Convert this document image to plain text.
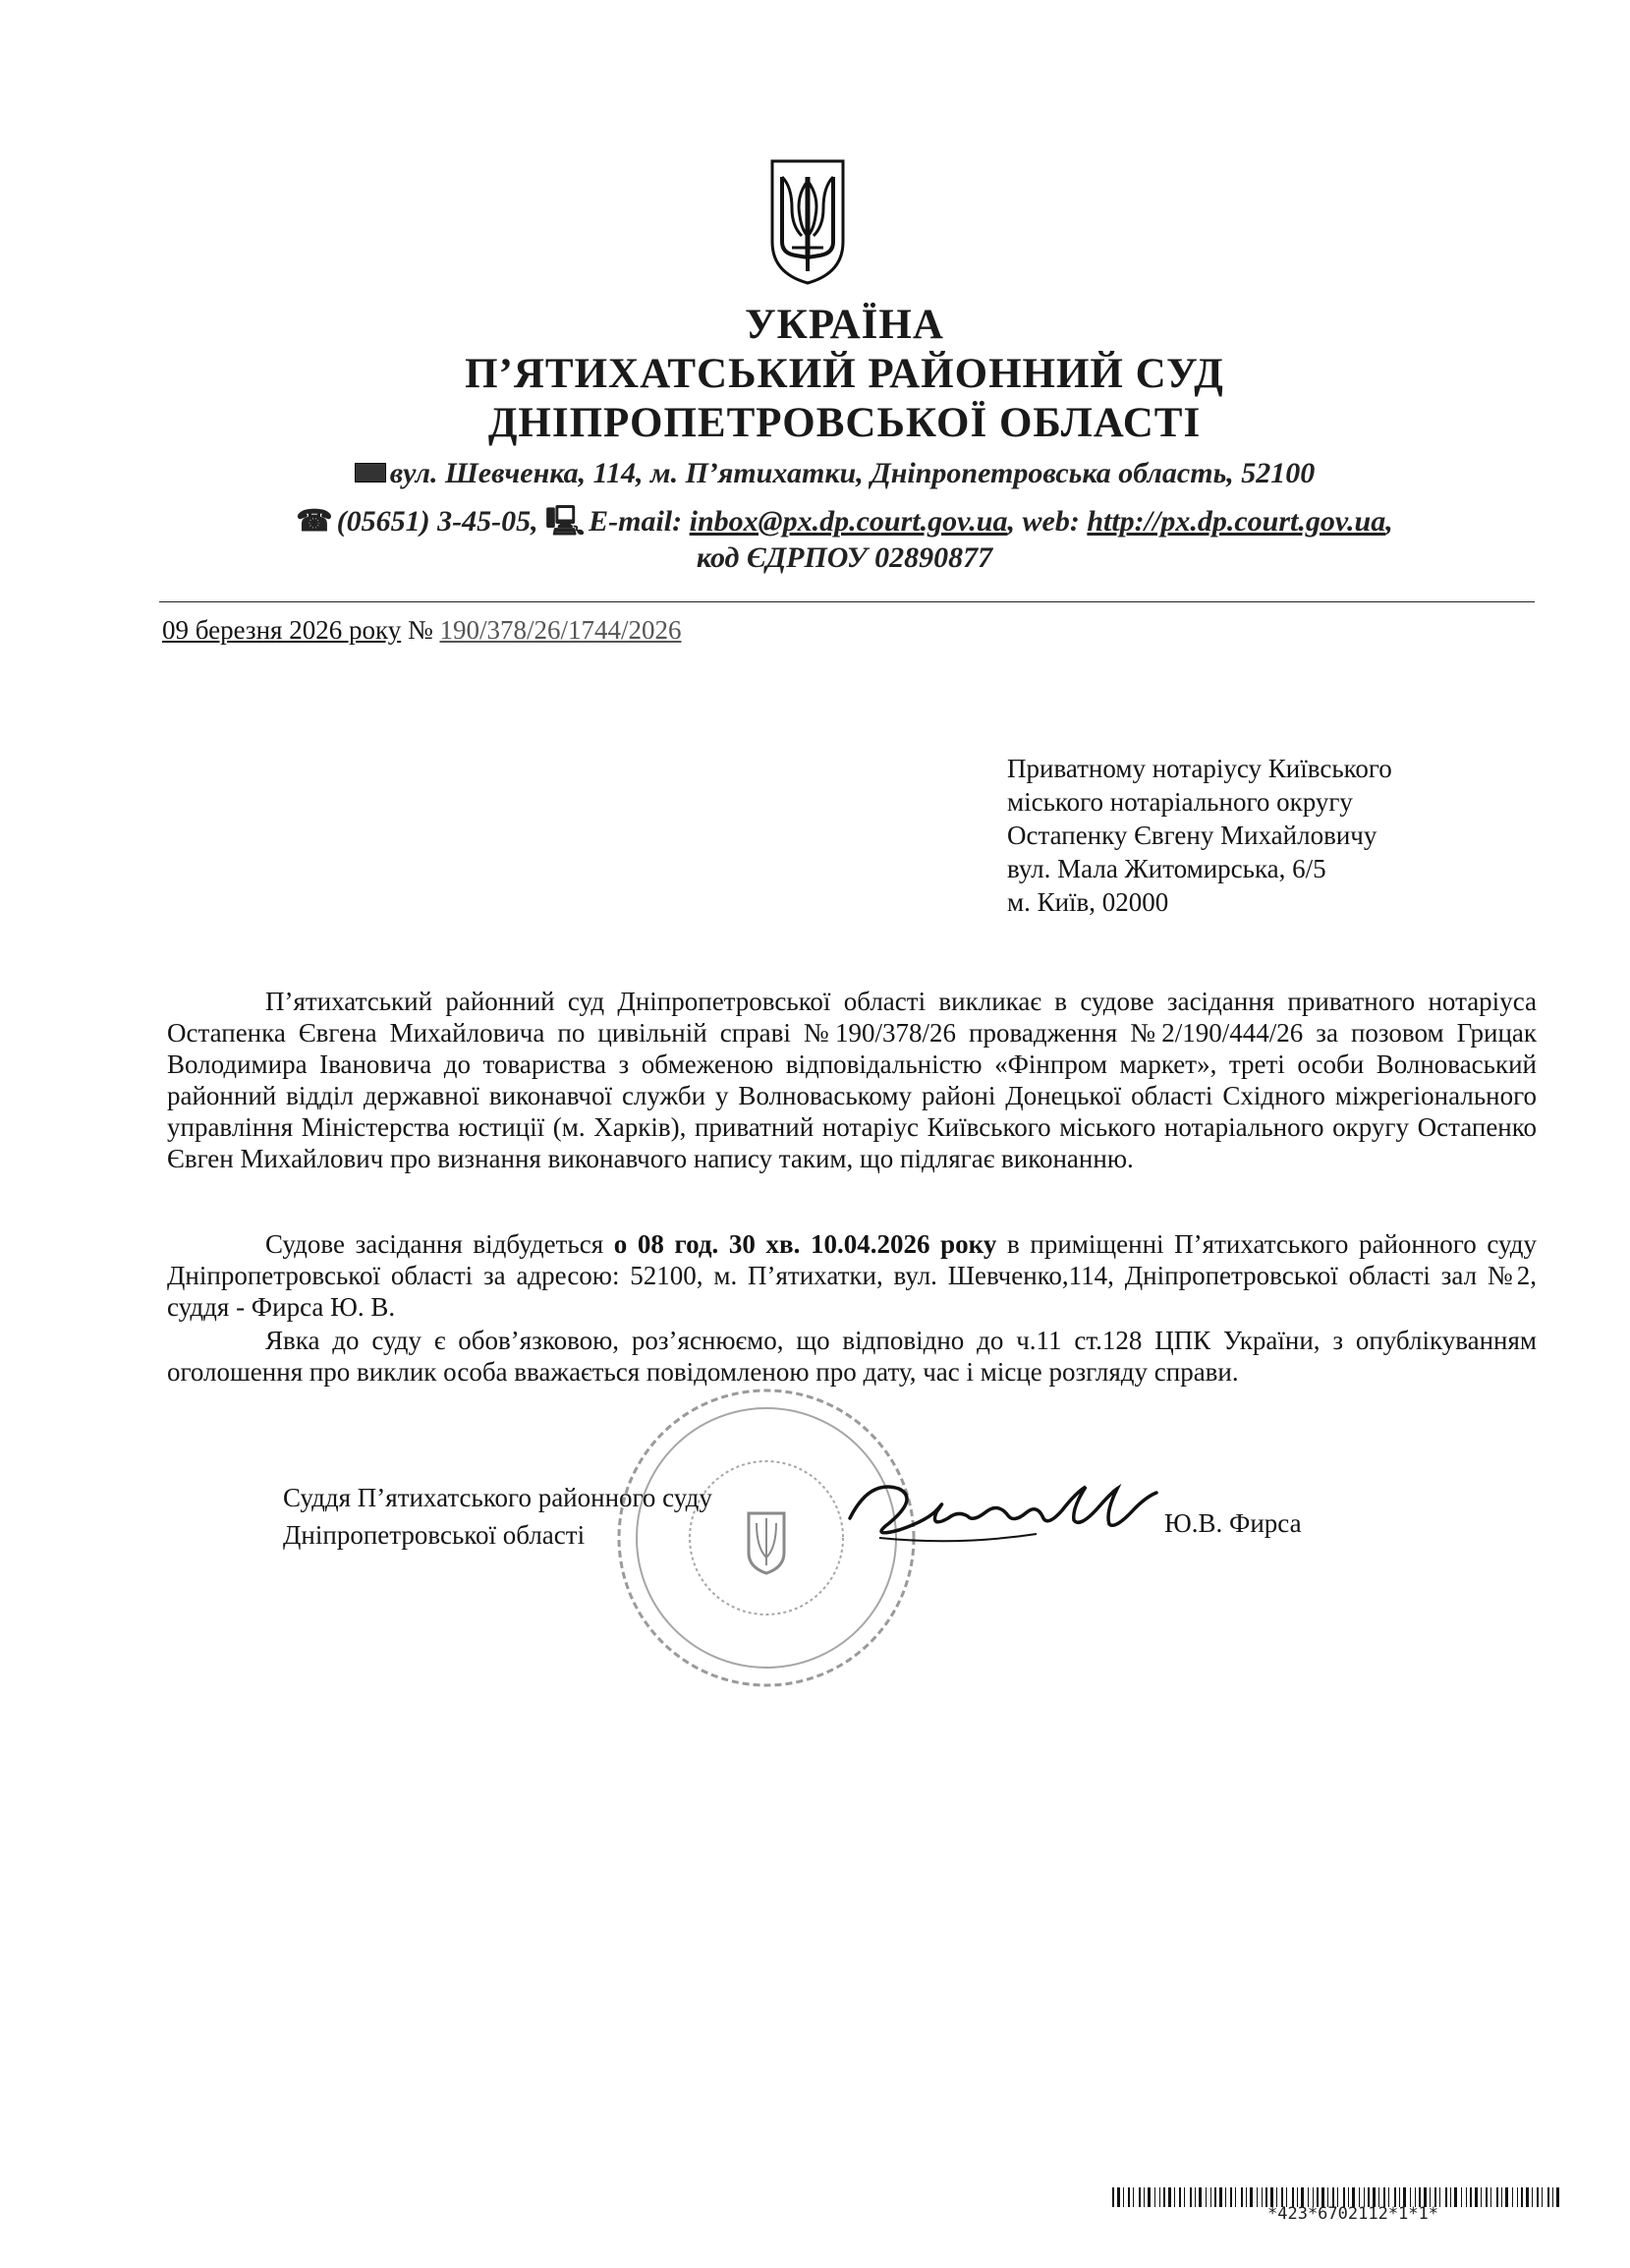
УКРАЇНА
П’ЯТИХАТСЬКИЙ РАЙОННИЙ СУД
ДНІПРОПЕТРОВСЬКОЇ ОБЛАСТІ
вул. Шевченка, 114, м. П’ятихатки, Дніпропетровська область, 52100
☎ (05651) 3-45-05, 🖳 E-mail: inbox@px.dp.court.gov.ua, web: http://px.dp.court.gov.ua,
код ЄДРПОУ 02890877
09 березня 2026 року № 190/378/26/1744/2026
Приватному нотаріусу Київського
міського нотаріального округу
Остапенку Євгену Михайловичу
вул. Мала Житомирська, 6/5
м. Київ, 02000
П’ятихатський районний суд Дніпропетровської області викликає в судове засідання приватного нотаріуса Остапенка Євгена Михайловича по цивільній справі №190/378/26 провадження №2/190/444/26 за позовом Грицак Володимира Івановича до товариства з обмеженою відповідальністю «Фінпром маркет», треті особи Волноваський районний відділ державної виконавчої служби у Волноваському районі Донецької області Східного міжрегіонального управління Міністерства юстиції (м. Харків), приватний нотаріус Київського міського нотаріального округу Остапенко Євген Михайлович про визнання виконавчого напису таким, що підлягає виконанню.
Судове засідання відбудеться о 08 год. 30 хв. 10.04.2026 року в приміщенні П’ятихатського районного суду Дніпропетровської області за адресою: 52100, м. П’ятихатки, вул. Шевченко,114, Дніпропетровської області зал №2, суддя - Фирса Ю. В.
Явка до суду є обов’язковою, роз’яснюємо, що відповідно до ч.11 ст.128 ЦПК України, з опублікуванням оголошення про виклик особа вважається повідомленою про дату, час і місце розгляду справи.
Суддя П’ятихатського районного суду
Дніпропетровської області	Ю.В. Фирса
*423*6702112*1*1*
